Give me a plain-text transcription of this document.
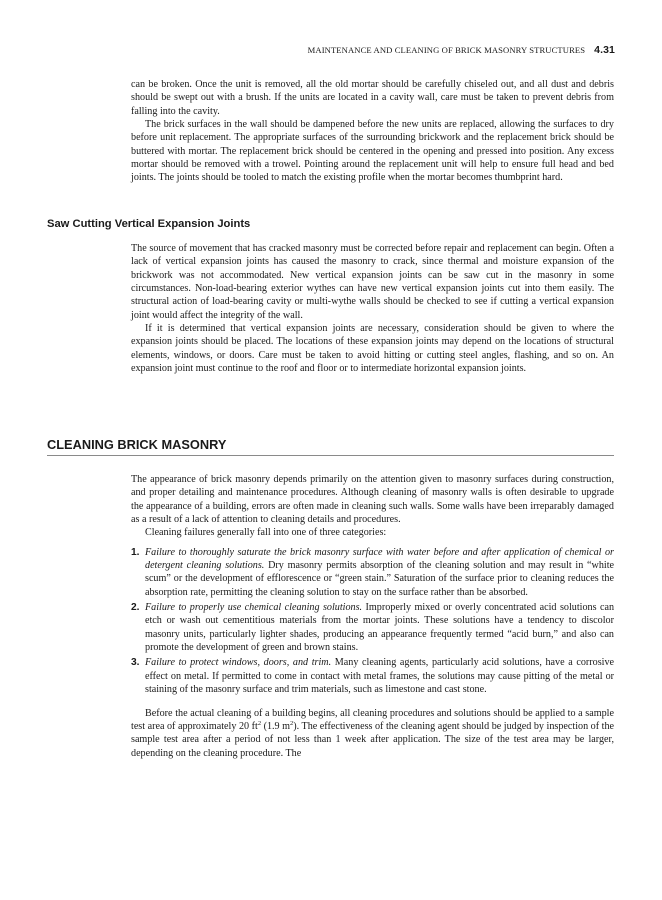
MAINTENANCE AND CLEANING OF BRICK MASONRY STRUCTURES 4.31

can be broken. Once the unit is removed, all the old mortar should be carefully chiseled out, and all dust and debris should be swept out with a brush. If the units are located in a cavity wall, care must be taken to prevent debris from falling into the cavity.

The brick surfaces in the wall should be dampened before the new units are replaced, allowing the surfaces to dry before unit replacement. The appropriate surfaces of the surrounding brickwork and the replacement brick should be buttered with mortar. The replacement brick should be centered in the opening and pressed into position. Any excess mortar should be removed with a trowel. Pointing around the replacement unit will help to ensure full head and bed joints. The joints should be tooled to match the existing profile when the mortar becomes thumbprint hard.

Saw Cutting Vertical Expansion Joints

The source of movement that has cracked masonry must be corrected before repair and replacement can begin. Often a lack of vertical expansion joints has caused the masonry to crack, since thermal and moisture expansion of the brickwork was not accommodated. New vertical expansion joints can be saw cut in the masonry in some circumstances. Non-load-bearing exterior wythes can have new vertical expansion joints cut into them easily. The structural action of load-bearing cavity or multi-wythe walls should be checked to see if cutting a vertical expansion joint would affect the integrity of the wall.

If it is determined that vertical expansion joints are necessary, consideration should be given to where the expansion joints should be placed. The locations of these expansion joints may depend on the locations of structural elements, windows, or doors. Care must be taken to avoid hitting or cutting steel angles, flashing, and so on. An expansion joint must continue to the roof and floor or to intermediate horizontal expansion joints.

CLEANING BRICK MASONRY

The appearance of brick masonry depends primarily on the attention given to masonry surfaces during construction, and proper detailing and maintenance procedures. Although cleaning of masonry walls is often desirable to upgrade the appearance of a building, errors are often made in cleaning such walls. Some walls have been irreparably damaged as a result of a lack of attention to cleaning details and procedures.

Cleaning failures generally fall into one of three categories:

1. Failure to thoroughly saturate the brick masonry surface with water before and after application of chemical or detergent cleaning solutions. Dry masonry permits absorption of the cleaning solution and may result in “white scum” or the development of efflorescence or “green stain.” Saturation of the surface prior to cleaning reduces the absorption rate, permitting the cleaning solution to stay on the surface rather than be absorbed.
2. Failure to properly use chemical cleaning solutions. Improperly mixed or overly concentrated acid solutions can etch or wash out cementitious materials from the mortar joints. These solutions have a tendency to discolor masonry units, particularly lighter shades, producing an appearance frequently termed “acid burn,” and also can promote the development of green and brown stains.
3. Failure to protect windows, doors, and trim. Many cleaning agents, particularly acid solutions, have a corrosive effect on metal. If permitted to come in contact with metal frames, the solutions may cause pitting of the metal or staining of the masonry surface and trim materials, such as limestone and cast stone.

Before the actual cleaning of a building begins, all cleaning procedures and solutions should be applied to a sample test area of approximately 20 $ft^2$ (1.9 $m^2$). The effectiveness of the cleaning agent should be judged by inspection of the sample test area after a period of not less than 1 week after application. The size of the test area may be larger, depending on the cleaning procedure. The
